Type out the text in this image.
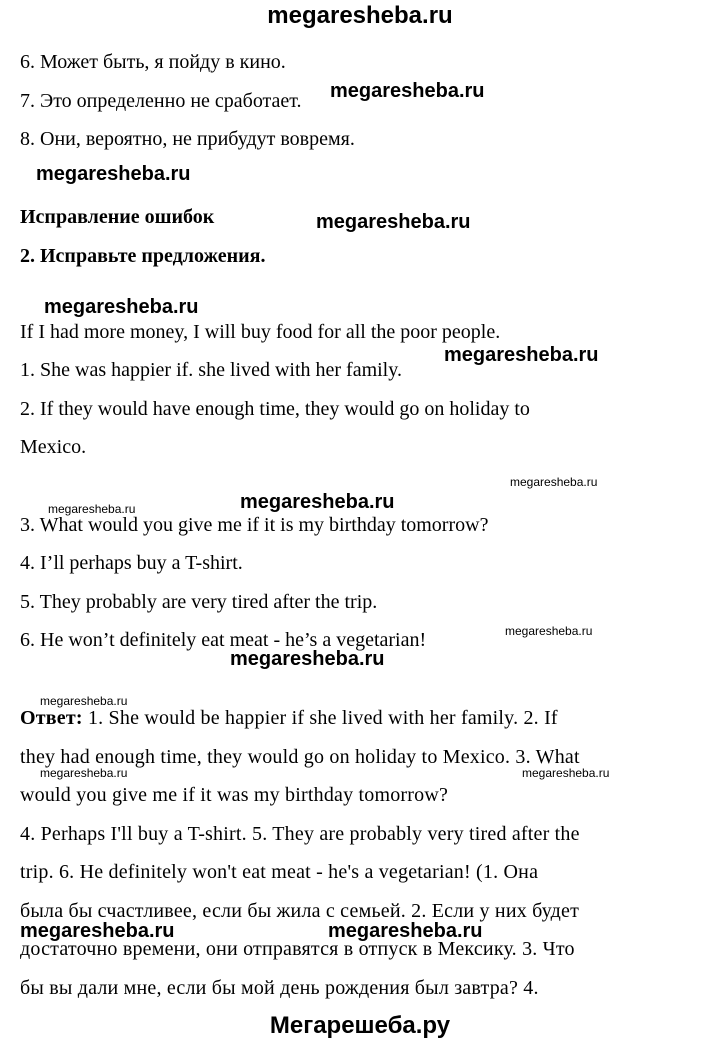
megaresheba.ru
6. Может быть, я пойду в кино.
7. Это определенно не сработает.
8. Они, вероятно, не прибудут вовремя.
Исправление ошибок
2. Исправьте предложения.
If I had more money, I will buy food for all the poor people.
1. She was happier if. she lived with her family.
2. If they would have enough time, they would go on holiday to
Mexico.
3. What would you give me if it is my birthday tomorrow?
4. I’ll perhaps buy a T-shirt.
5. They probably are very tired after the trip.
6. He won’t definitely eat meat - he’s a vegetarian!
Ответ: 1. She would be happier if she lived with her family. 2. If
they had enough time, they would go on holiday to Mexico. 3. What
would you give me if it was my birthday tomorrow?
4. Perhaps I'll buy a T-shirt. 5. They are probably very tired after the
trip. 6. He definitely won't eat meat - he's a vegetarian! (1. Она
была бы счастливее, если бы жила с семьей. 2. Если у них будет
достаточно времени, они отправятся в отпуск в Мексику. 3. Что
бы вы дали мне, если бы мой день рождения был завтра? 4.
megaresheba.ru
megaresheba.ru
megaresheba.ru
megaresheba.ru
megaresheba.ru
megaresheba.ru
megaresheba.ru	megaresheba.ru
megaresheba.ru
megaresheba.ru
megaresheba.ru
megaresheba.ru	megaresheba.ru
megaresheba.ru	megaresheba.ru
Мегарешеба.ру
